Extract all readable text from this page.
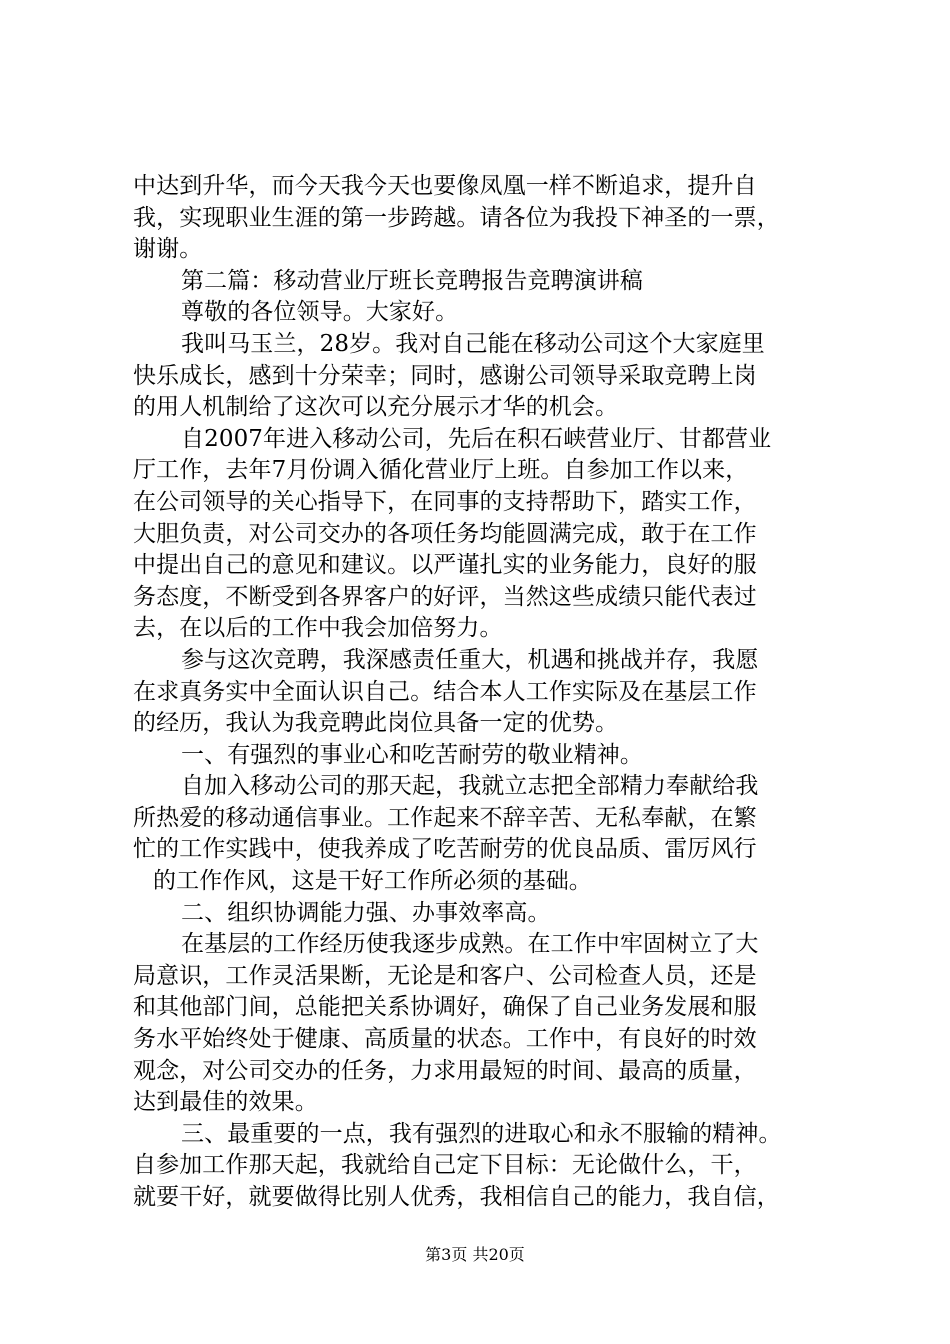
中达到升华，而今天我今天也要像凤凰一样不断追求，提升自
我，实现职业生涯的第一步跨越。请各位为我投下神圣的一票，
谢谢。
第二篇：移动营业厅班长竞聘报告竞聘演讲稿
尊敬的各位领导。大家好。
我叫马玉兰，28岁。我对自己能在移动公司这个大家庭里
快乐成长，感到十分荣幸；同时，感谢公司领导采取竞聘上岗
的用人机制给了这次可以充分展示才华的机会。
自2007年进入移动公司，先后在积石峡营业厅、甘都营业
厅工作，去年7月份调入循化营业厅上班。自参加工作以来，
在公司领导的关心指导下，在同事的支持帮助下，踏实工作，
大胆负责，对公司交办的各项任务均能圆满完成，敢于在工作
中提出自己的意见和建议。以严谨扎实的业务能力，良好的服
务态度，不断受到各界客户的好评，当然这些成绩只能代表过
去，在以后的工作中我会加倍努力。
参与这次竞聘，我深感责任重大，机遇和挑战并存，我愿
在求真务实中全面认识自己。结合本人工作实际及在基层工作
的经历，我认为我竞聘此岗位具备一定的优势。
一、有强烈的事业心和吃苦耐劳的敬业精神。
自加入移动公司的那天起，我就立志把全部精力奉献给我
所热爱的移动通信事业。工作起来不辞辛苦、无私奉献，在繁
忙的工作实践中，使我养成了吃苦耐劳的优良品质、雷厉风行
的工作作风，这是干好工作所必须的基础。
二、组织协调能力强、办事效率高。
在基层的工作经历使我逐步成熟。在工作中牢固树立了大
局意识，工作灵活果断，无论是和客户、公司检查人员，还是
和其他部门间，总能把关系协调好，确保了自己业务发展和服
务水平始终处于健康、高质量的状态。工作中，有良好的时效
观念，对公司交办的任务，力求用最短的时间、最高的质量，
达到最佳的效果。
三、最重要的一点，我有强烈的进取心和永不服输的精神。
自参加工作那天起，我就给自己定下目标：无论做什么，干，
就要干好，就要做得比别人优秀，我相信自己的能力，我自信，
第3页 共20页
